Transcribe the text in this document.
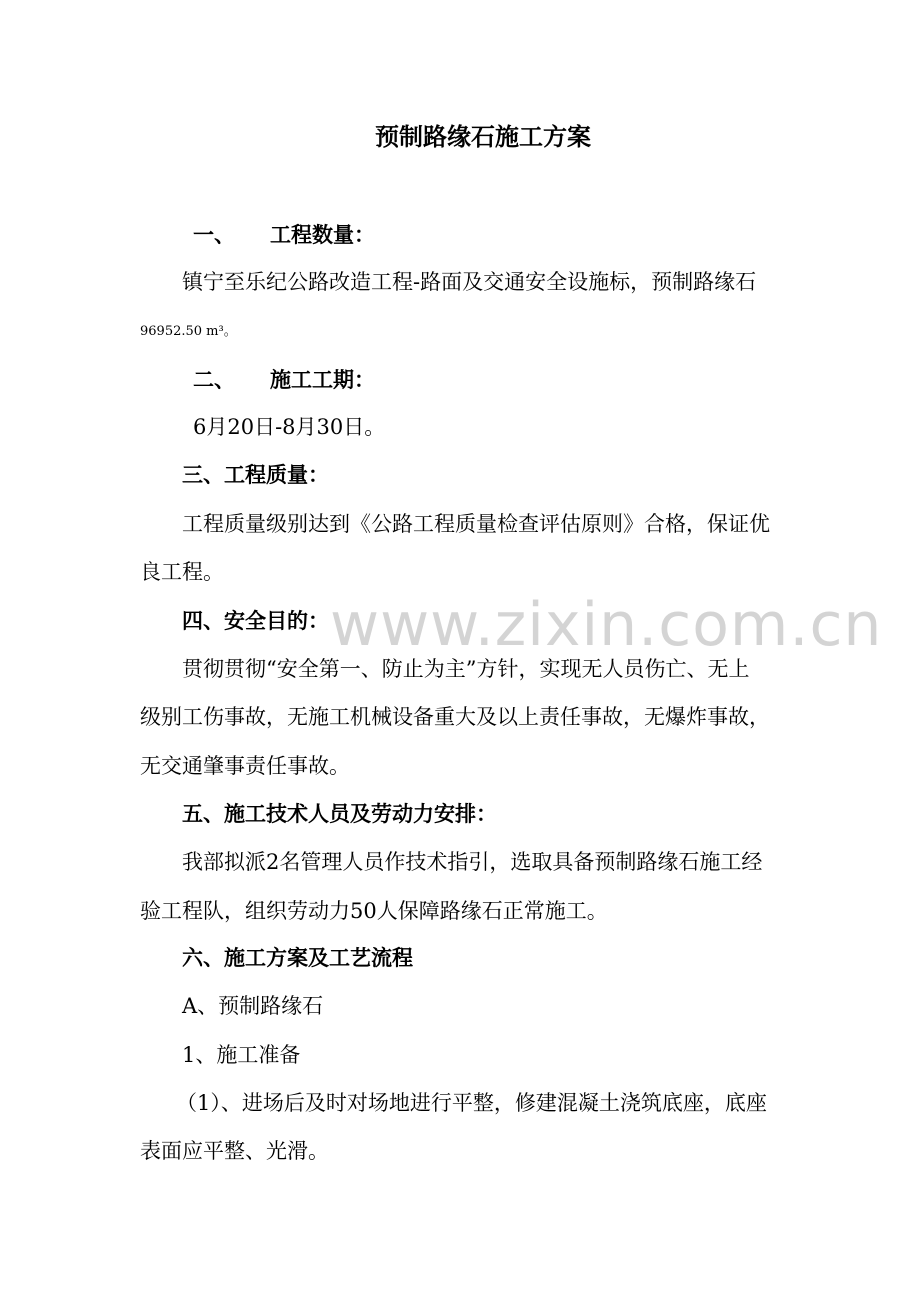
www.zixin.com.cn
预制路缘石施工方案
一、 工程数量：
镇宁至乐纪公路改造工程-路面及交通安全设施标，预制路缘石
96952.50 m³。
二、 施工工期：
6月20日-8月30日。
三、工程质量：
工程质量级别达到《公路工程质量检查评估原则》合格，保证优
良工程。
四、安全目的：
贯彻贯彻“安全第一、防止为主”方针，实现无人员伤亡、无上
级别工伤事故，无施工机械设备重大及以上责任事故，无爆炸事故，
无交通肇事责任事故。
五、施工技术人员及劳动力安排：
我部拟派2名管理人员作技术指引，选取具备预制路缘石施工经
验工程队，组织劳动力50人保障路缘石正常施工。
六、施工方案及工艺流程
A、预制路缘石
1、施工准备
（1）、进场后及时对场地进行平整，修建混凝土浇筑底座，底座
表面应平整、光滑。
